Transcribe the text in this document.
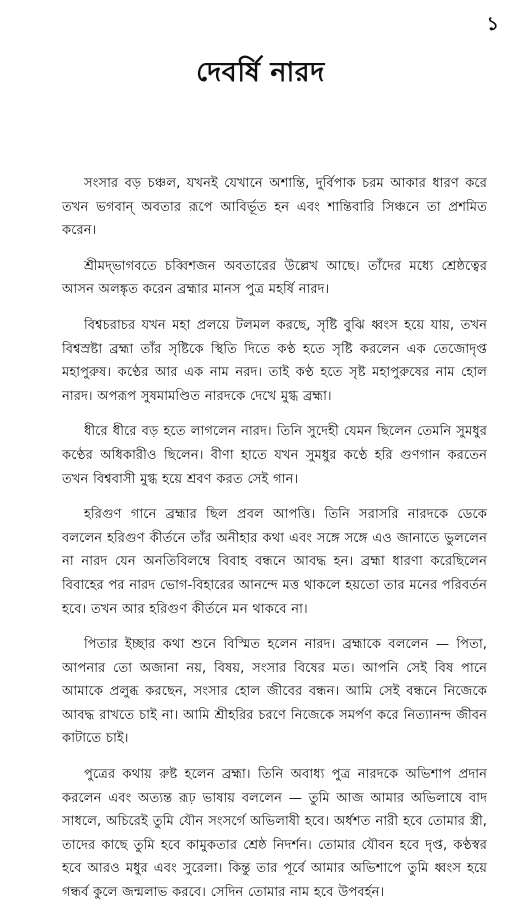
১
দেবর্ষি নারদ

সংসার বড় চঞ্চল, যখনই যেখানে অশান্তি, দুর্বিপাক চরম আকার ধারণ করে তখন ভগবান্ অবতার রূপে আবির্ভূত হন এবং শান্তিবারি সিঞ্চনে তা প্রশমিত করেন।

শ্রীমদ্‌ভাগবতে চব্বিশজন অবতারের উল্লেখ আছে। তাঁদের মধ্যে শ্রেষ্ঠত্বের আসন অলঙ্কৃত করেন ব্রহ্মার মানস পুত্র মহর্ষি নারদ।

বিশ্বচরাচর যখন মহা প্রলয়ে টলমল করছে, সৃষ্টি বুঝি ধ্বংস হয়ে যায়, তখন বিশ্বস্রষ্টা ব্রহ্মা তাঁর সৃষ্টিকে স্থিতি দিতে কণ্ঠ হতে সৃষ্টি করলেন এক তেজোদৃপ্ত মহাপুরুষ। কণ্ঠের আর এক নাম নরদ। তাই কণ্ঠ হতে সৃষ্ট মহাপুরুষের নাম হোল নারদ। অপরূপ সুষমামণ্ডিত নারদকে দেখে মুগ্ধ ব্রহ্মা।

ধীরে ধীরে বড় হতে লাগলেন নারদ। তিনি সুদেহী যেমন ছিলেন তেমনি সুমধুর কণ্ঠের অধিকারীও ছিলেন। বীণা হাতে যখন সুমধুর কণ্ঠে হরি গুণগান করতেন তখন বিশ্ববাসী মুগ্ধ হয়ে শ্রবণ করত সেই গান।

হরিগুণ গানে ব্রহ্মার ছিল প্রবল আপত্তি। তিনি সরাসরি নারদকে ডেকে বললেন হরিগুণ কীর্তনে তাঁর অনীহার কথা এবং সঙ্গে সঙ্গে এও জানাতে ভুললেন না নারদ যেন অনতিবিলম্বে বিবাহ বন্ধনে আবদ্ধ হন। ব্রহ্মা ধারণা করেছিলেন বিবাহের পর নারদ ভোগ-বিহারের আনন্দে মত্ত থাকলে হয়তো তার মনের পরিবর্তন হবে। তখন আর হরিগুণ কীর্তনে মন থাকবে না।

পিতার ইচ্ছার কথা শুনে বিস্মিত হলেন নারদ। ব্রহ্মাকে বললেন — পিতা, আপনার তো অজানা নয়, বিষয়, সংসার বিষের মত। আপনি সেই বিষ পানে আমাকে প্রলুব্ধ করছেন, সংসার হোল জীবের বন্ধন। আমি সেই বন্ধনে নিজেকে আবদ্ধ রাখতে চাই না। আমি শ্রীহরির চরণে নিজেকে সমর্পণ করে নিত্যানন্দ জীবন কাটাতে চাই।

পুত্রের কথায় রুষ্ট হলেন ব্রহ্মা। তিনি অবাধ্য পুত্র নারদকে অভিশাপ প্রদান করলেন এবং অত্যন্ত রূঢ় ভাষায় বললেন — তুমি আজ আমার অভিলাষে বাদ সাধলে, অচিরেই তুমি যৌন সংসর্গে অভিলাষী হবে। অর্ধশত নারী হবে তোমার স্ত্রী, তাদের কাছে তুমি হবে কামুকতার শ্রেষ্ঠ নিদর্শন। তোমার যৌবন হবে দৃপ্ত, কণ্ঠস্বর হবে আরও মধুর এবং সুরেলা। কিন্তু তার পূর্বে আমার অভিশাপে তুমি ধ্বংস হয়ে গন্ধর্ব কুলে জন্মলাভ করবে। সেদিন তোমার নাম হবে উপবর্হন।
